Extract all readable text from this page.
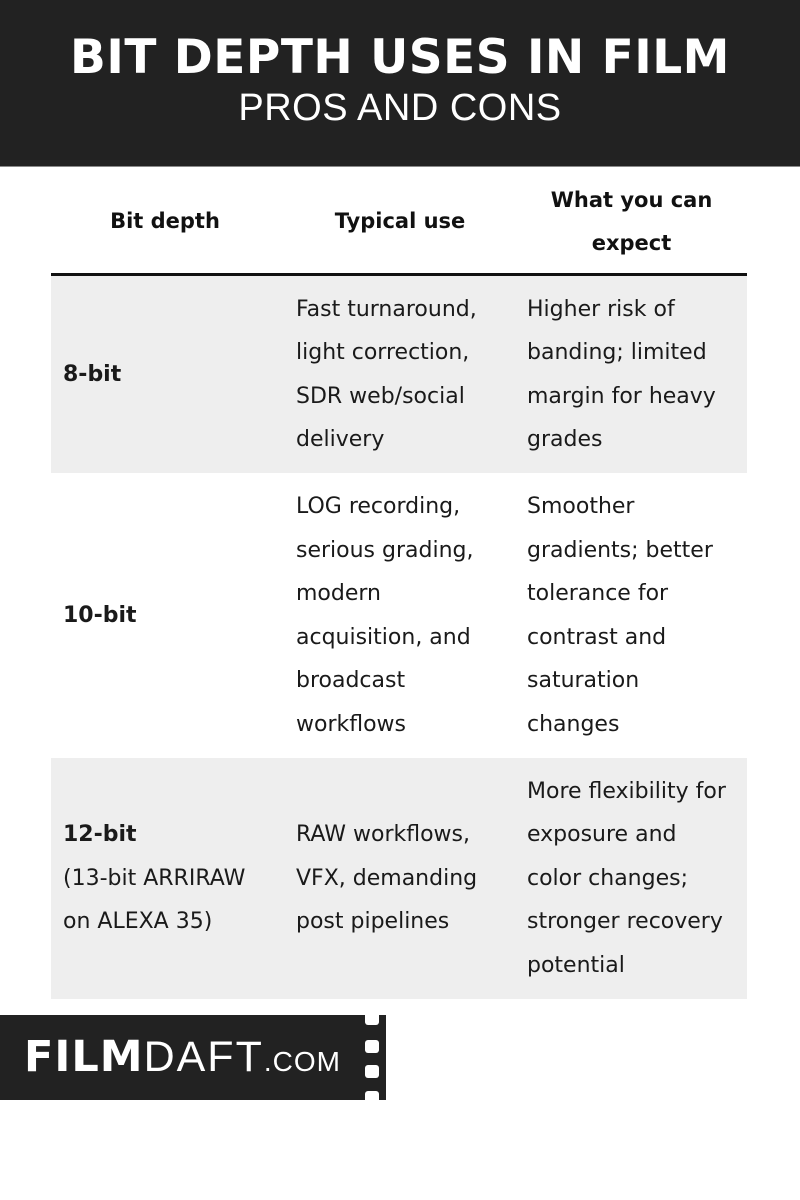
BIT DEPTH USES IN FILM
PROS AND CONS
Bit depth	Typical use
What you can
expect
8-bit
Fast turnaround,
light correction,
SDR web/social
delivery
Higher risk of
banding; limited
margin for heavy
grades
10-bit
LOG recording,
serious grading,
modern
acquisition, and
broadcast
workflows
Smoother
gradients; better
tolerance for
contrast and
saturation
changes
12-bit
(13-bit ARRIRAW
on ALEXA 35)
RAW workflows,
VFX, demanding
post pipelines
More flexibility for
exposure and
color changes;
stronger recovery
potential
FILMDAFT.COM
